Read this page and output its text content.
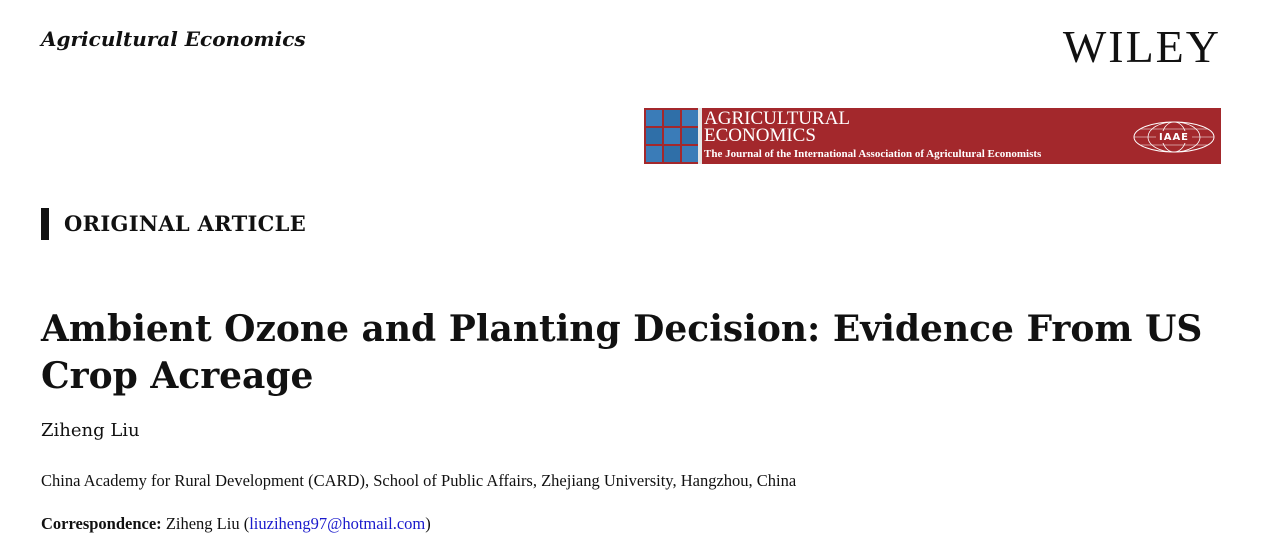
Agricultural Economics	WILEY
AGRICULTURAL
ECONOMICS
The Journal of the International Association of Agricultural Economists
IAAE
ORIGINAL ARTICLE
Ambient Ozone and Planting Decision: Evidence From US Crop Acreage
Ziheng Liu
China Academy for Rural Development (CARD), School of Public Affairs, Zhejiang University, Hangzhou, China
Correspondence: Ziheng Liu (liuziheng97@hotmail.com)
